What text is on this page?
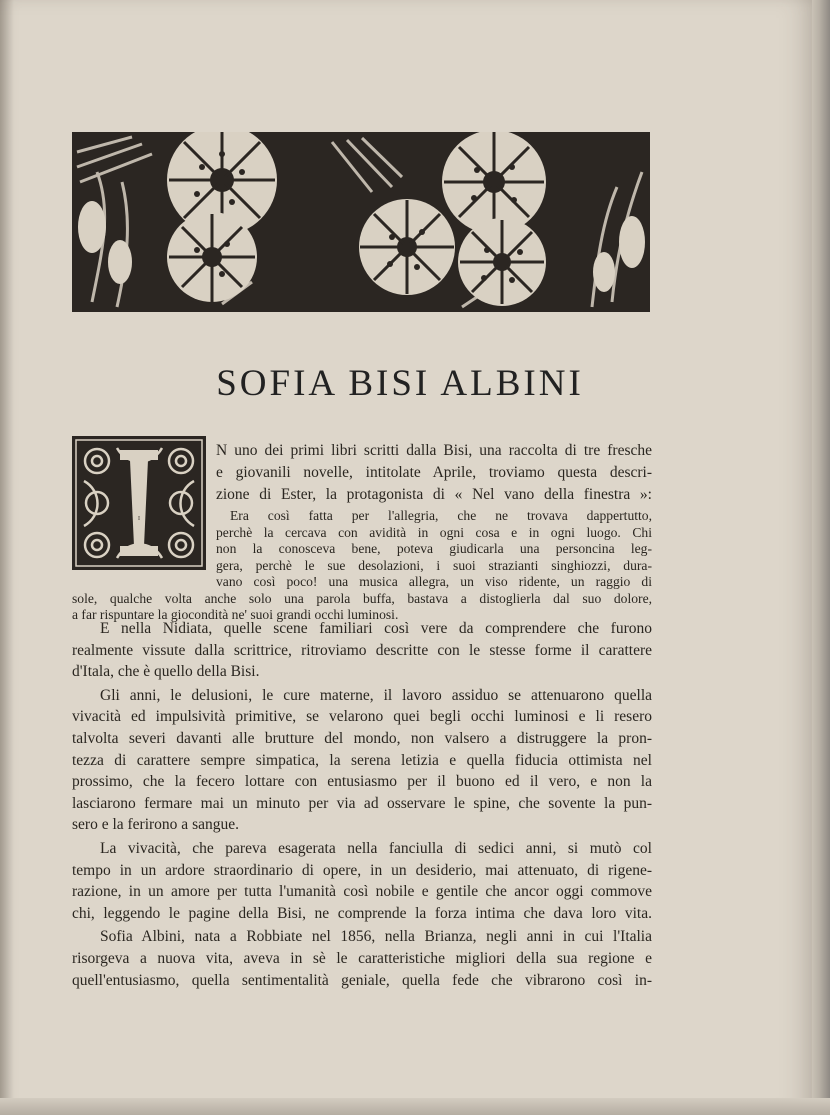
SOFIA BISI ALBINI
I
N uno dei primi libri scritti dalla Bisi, una raccolta di tre fresche
e giovanili novelle, intitolate Aprile, troviamo questa descri-
zione di Ester, la protagonista di « Nel vano della finestra »:
Era così fatta per l'allegria, che ne trovava dappertutto,
perchè la cercava con avidità in ogni cosa e in ogni luogo. Chi
non la conosceva bene, poteva giudicarla una personcina leg-
gera, perchè le sue desolazioni, i suoi strazianti singhiozzi, dura-
vano così poco! una musica allegra, un viso ridente, un raggio di
sole, qualche volta anche solo una parola buffa, bastava a distoglierla dal suo dolore,
a far rispuntare la giocondità ne' suoi grandi occhi luminosi.
E nella Nidiata, quelle scene familiari così vere da comprendere che furono
realmente vissute dalla scrittrice, ritroviamo descritte con le stesse forme il carattere
d'Itala, che è quello della Bisi.
Gli anni, le delusioni, le cure materne, il lavoro assiduo se attenuarono quella
vivacità ed impulsività primitive, se velarono quei begli occhi luminosi e li resero
talvolta severi davanti alle brutture del mondo, non valsero a distruggere la pron-
tezza di carattere sempre simpatica, la serena letizia e quella fiducia ottimista nel
prossimo, che la fecero lottare con entusiasmo per il buono ed il vero, e non la
lasciarono fermare mai un minuto per via ad osservare le spine, che sovente la pun-
sero e la ferirono a sangue.
La vivacità, che pareva esagerata nella fanciulla di sedici anni, si mutò col
tempo in un ardore straordinario di opere, in un desiderio, mai attenuato, di rigene-
razione, in un amore per tutta l'umanità così nobile e gentile che ancor oggi commove
chi, leggendo le pagine della Bisi, ne comprende la forza intima che dava loro vita.
Sofia Albini, nata a Robbiate nel 1856, nella Brianza, negli anni in cui l'Italia
risorgeva a nuova vita, aveva in sè le caratteristiche migliori della sua regione e
quell'entusiasmo, quella sentimentalità geniale, quella fede che vibrarono così in-
